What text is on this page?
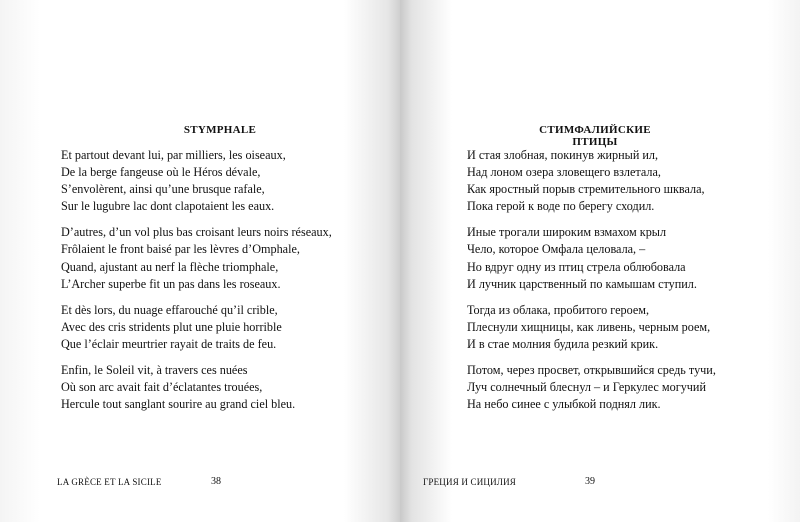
STYMPHALE
Et partout devant lui, par milliers, les oiseaux,
De la berge fangeuse où le Héros dévale,
S’envolèrent, ainsi qu’une brusque rafale,
Sur le lugubre lac dont clapotaient les eaux.
D’autres, d’un vol plus bas croisant leurs noirs réseaux,
Frôlaient le front baisé par les lèvres d’Omphale,
Quand, ajustant au nerf la flèche triomphale,
L’Archer superbe fit un pas dans les roseaux.
Et dès lors, du nuage effarouché qu’il crible,
Avec des cris stridents plut une pluie horrible
Que l’éclair meurtrier rayait de traits de feu.
Enfin, le Soleil vit, à travers ces nuées
Où son arc avait fait d’éclatantes trouées,
Hercule tout sanglant sourire au grand ciel bleu.
LA GRÈCE ET LA SICILE	38
СТИМФАЛИЙСКИЕ ПТИЦЫ
И стая злобная, покинув жирный ил,
Над лоном озера зловещего взлетала,
Как яростный порыв стремительного шквала,
Пока герой к воде по берегу сходил.
Иные трогали широким взмахом крыл
Чело, которое Омфала целовала, –
Но вдруг одну из птиц стрела облюбовала
И лучник царственный по камышам ступил.
Тогда из облака, пробитого героем,
Плеснули хищницы, как ливень, черным роем,
И в стае молния будила резкий крик.
Потом, через просвет, открывшийся средь тучи,
Луч солнечный блеснул – и Геркулес могучий
На небо синее с улыбкой поднял лик.
ГРЕЦИЯ И СИЦИЛИЯ	39
